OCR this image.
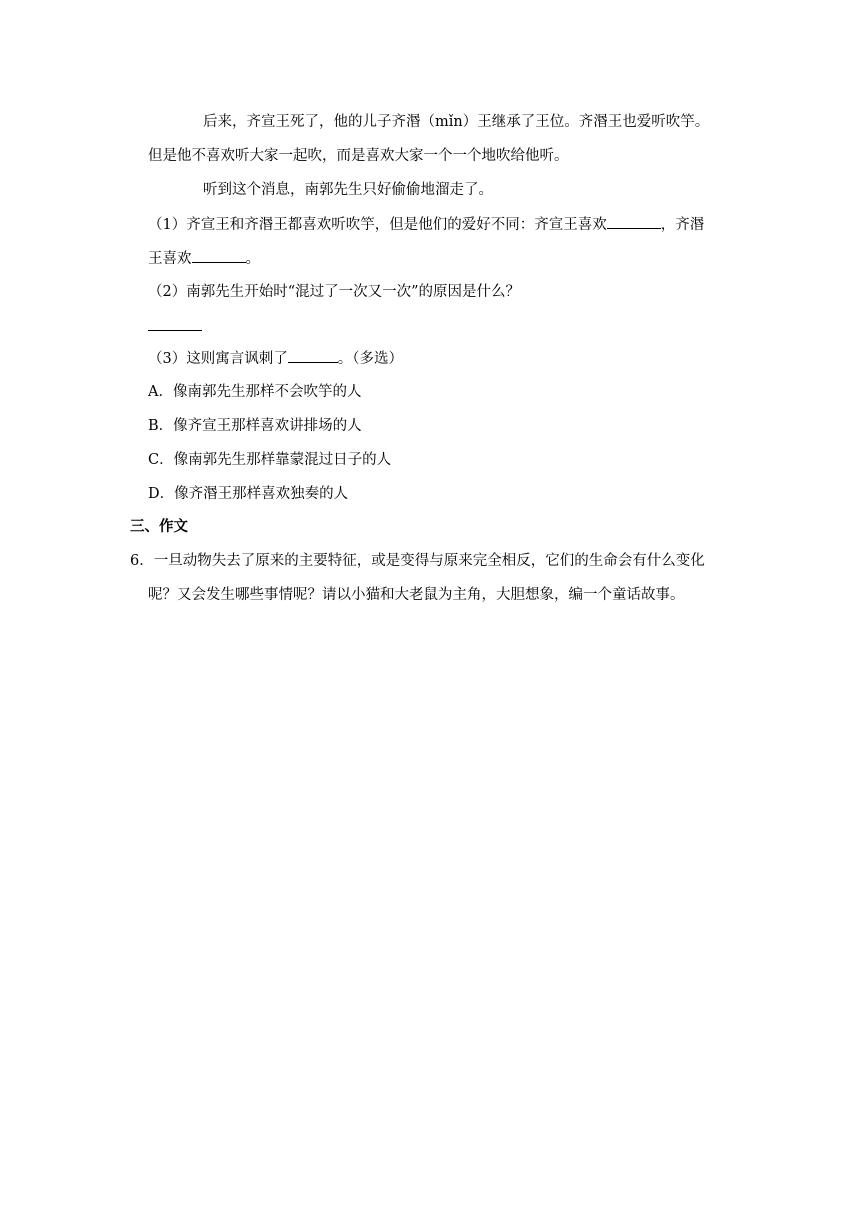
后来，齐宣王死了，他的儿子齐湣（mǐn）王继承了王位。齐湣王也爱听吹竽。
但是他不喜欢听大家一起吹，而是喜欢大家一个一个地吹给他听。
听到这个消息，南郭先生只好偷偷地溜走了。
（1）齐宣王和齐湣王都喜欢听吹竽，但是他们的爱好不同：齐宣王喜欢	，齐湣
王喜欢	。
（2）南郭先生开始时“混过了一次又一次”的原因是什么？
（3）这则寓言讽刺了	。（多选）
A．像南郭先生那样不会吹竽的人
B．像齐宣王那样喜欢讲排场的人
C．像南郭先生那样靠蒙混过日子的人
D．像齐湣王那样喜欢独奏的人
三、作文
6．一旦动物失去了原来的主要特征，或是变得与原来完全相反，它们的生命会有什么变化
呢？又会发生哪些事情呢？请以小猫和大老鼠为主角，大胆想象，编一个童话故事。
